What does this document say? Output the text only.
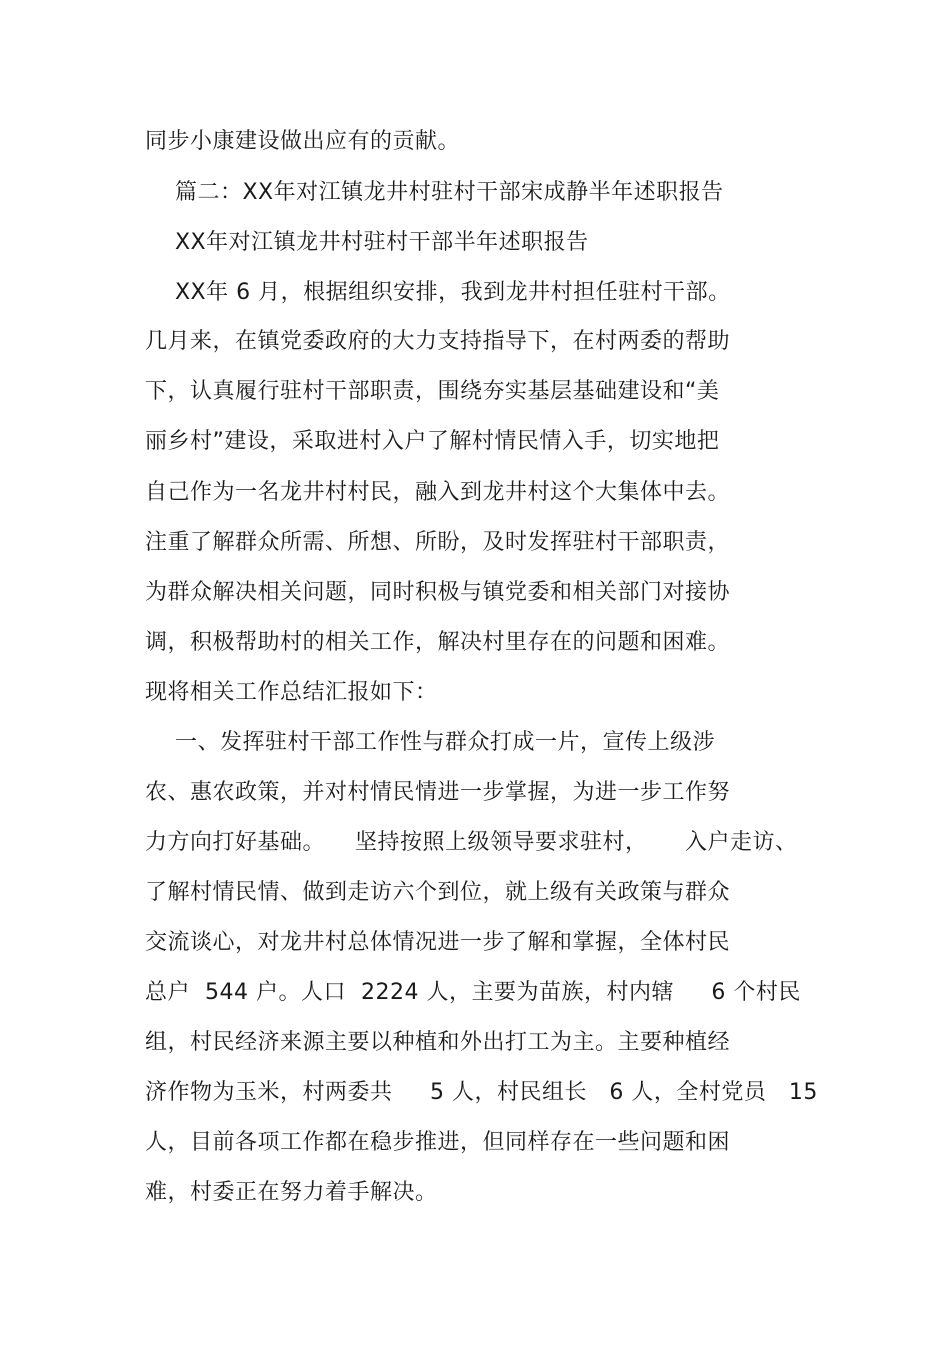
同步小康建设做出应有的贡献。
篇二：XX年对江镇龙井村驻村干部宋成静半年述职报告
XX年对江镇龙井村驻村干部半年述职报告
XX年 6 月，根据组织安排，我到龙井村担任驻村干部。
几月来，在镇党委政府的大力支持指导下，在村两委的帮助
下，认真履行驻村干部职责，围绕夯实基层基础建设和“美
丽乡村”建设，采取进村入户了解村情民情入手，切实地把
自己作为一名龙井村村民，融入到龙井村这个大集体中去。
注重了解群众所需、所想、所盼，及时发挥驻村干部职责，
为群众解决相关问题，同时积极与镇党委和相关部门对接协
调，积极帮助村的相关工作，解决村里存在的问题和困难。
现将相关工作总结汇报如下：
一、发挥驻村干部工作性与群众打成一片，宣传上级涉
农、惠农政策，并对村情民情进一步掌握，为进一步工作努
力方向打好基础。    坚持按照上级领导要求驻村，     入户走访、
了解村情民情、做到走访六个到位，就上级有关政策与群众
交流谈心，对龙井村总体情况进一步了解和掌握，全体村民
总户  544 户。人口  2224 人，主要为苗族，村内辖     6 个村民
组，村民经济来源主要以种植和外出打工为主。主要种植经
济作物为玉米，村两委共     5 人，村民组长   6 人，全村党员   15
人，目前各项工作都在稳步推进，但同样存在一些问题和困
难，村委正在努力着手解决。
